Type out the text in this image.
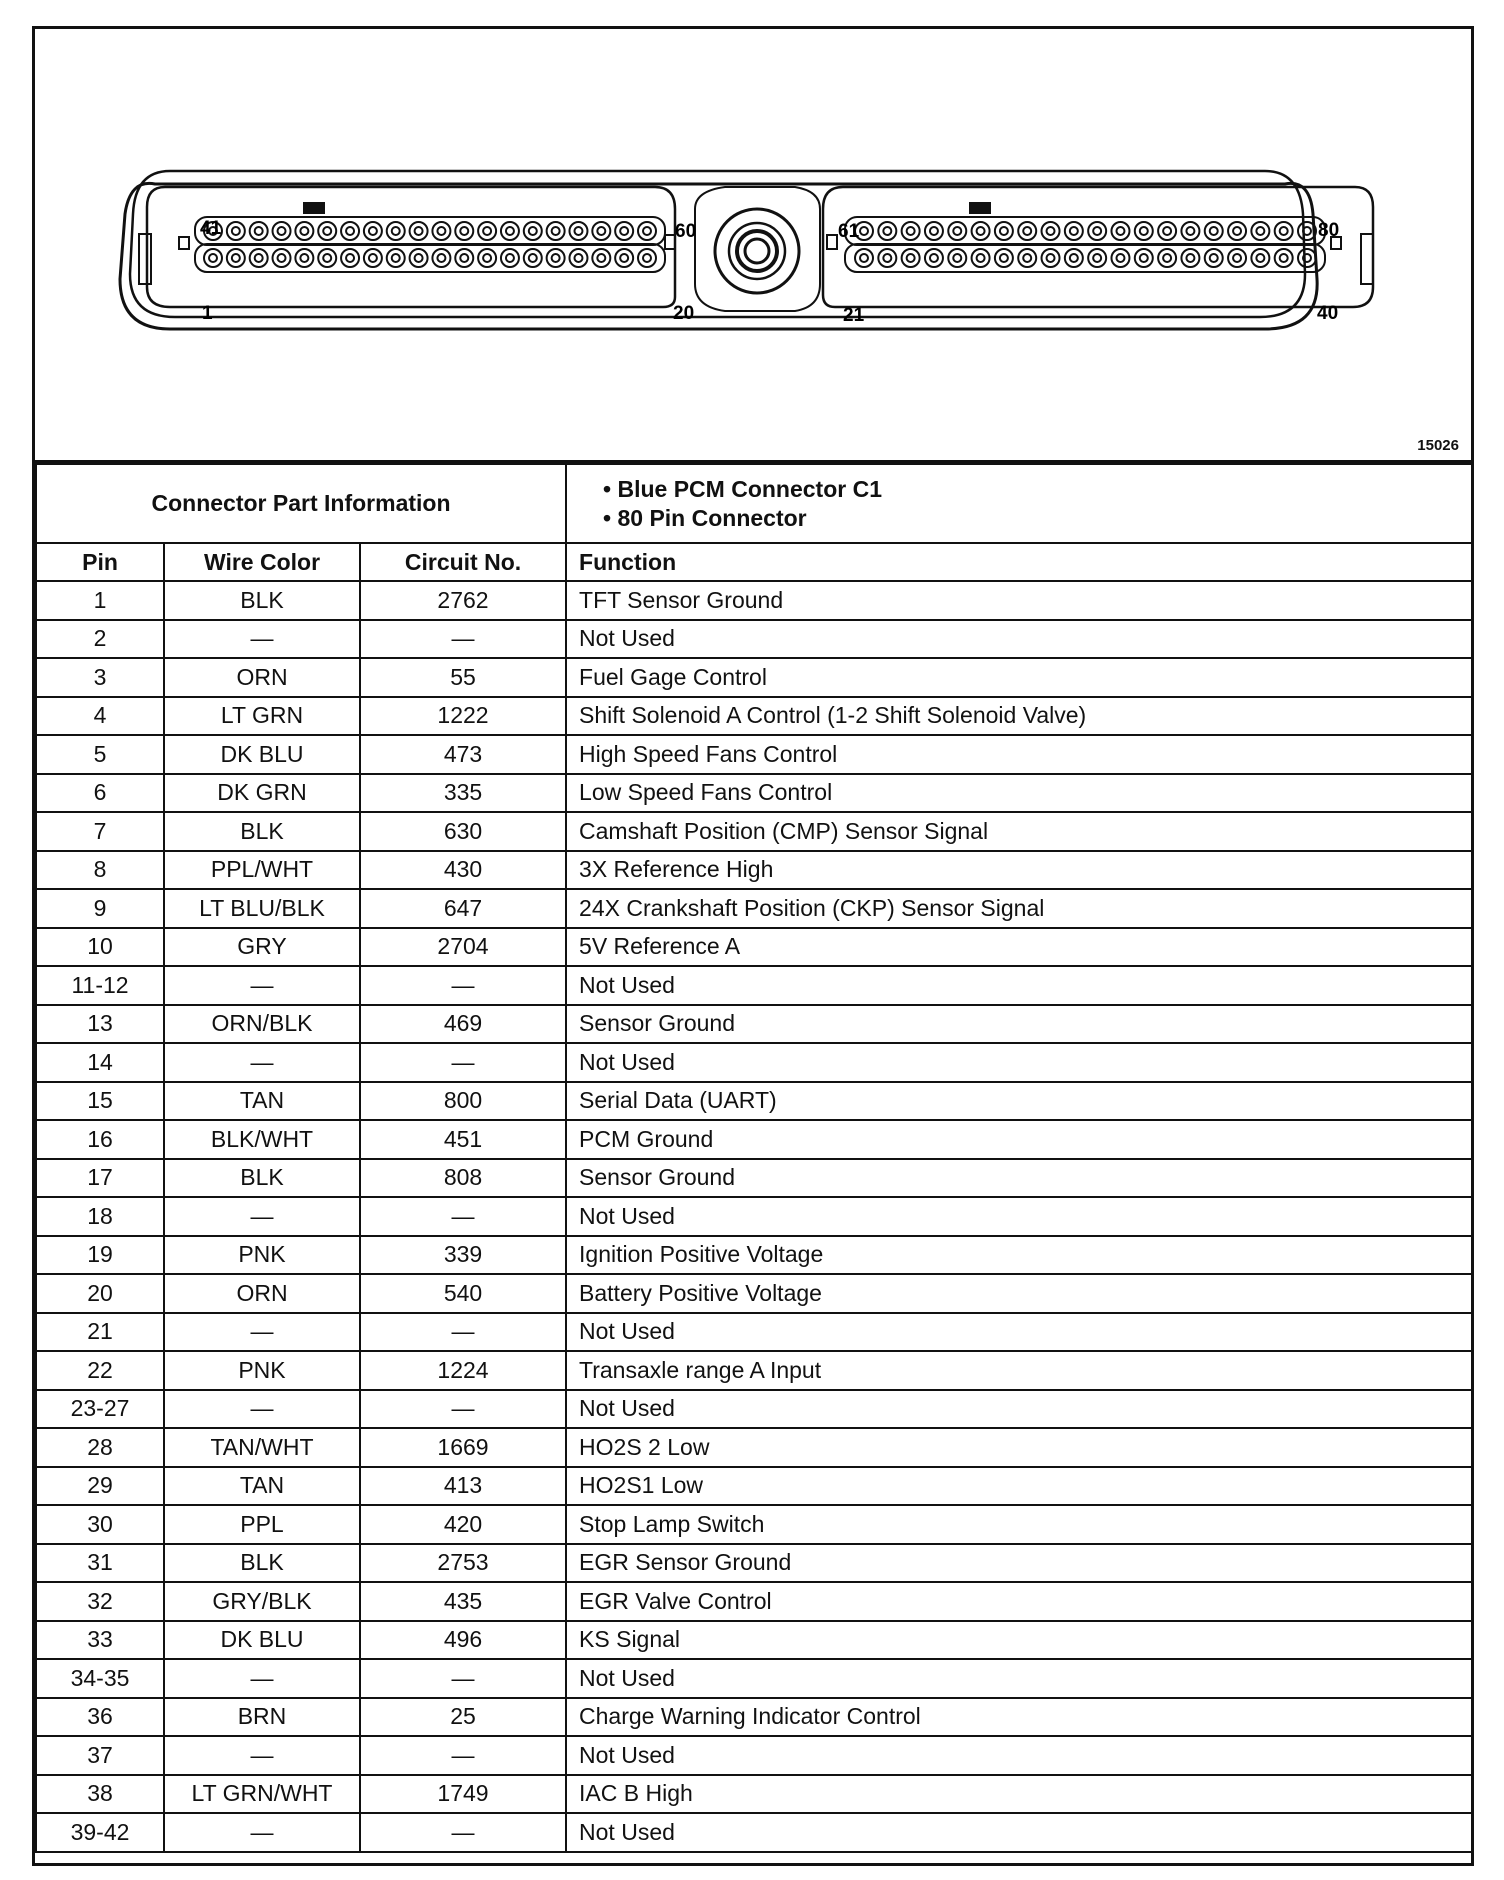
41	60
1	20
61	80
21	40
15026
Connector Part Information			• Blue PCM Connector C1
• 80 Pin Connector

Pin	Wire Color	Circuit No.	Function
1	BLK	2762	TFT Sensor Ground
2	—	—	Not Used
3	ORN	55	Fuel Gage Control
4	LT GRN	1222	Shift Solenoid A Control (1-2 Shift Solenoid Valve)
5	DK BLU	473	High Speed Fans Control
6	DK GRN	335	Low Speed Fans Control
7	BLK	630	Camshaft Position (CMP) Sensor Signal
8	PPL/WHT	430	3X Reference High
9	LT BLU/BLK	647	24X Crankshaft Position (CKP) Sensor Signal
10	GRY	2704	5V Reference A
11-12	—	—	Not Used
13	ORN/BLK	469	Sensor Ground
14	—	—	Not Used
15	TAN	800	Serial Data (UART)
16	BLK/WHT	451	PCM Ground
17	BLK	808	Sensor Ground
18	—	—	Not Used
19	PNK	339	Ignition Positive Voltage
20	ORN	540	Battery Positive Voltage
21	—	—	Not Used
22	PNK	1224	Transaxle range A Input
23-27	—	—	Not Used
28	TAN/WHT	1669	HO2S 2 Low
29	TAN	413	HO2S1 Low
30	PPL	420	Stop Lamp Switch
31	BLK	2753	EGR Sensor Ground
32	GRY/BLK	435	EGR Valve Control
33	DK BLU	496	KS Signal
34-35	—	—	Not Used
36	BRN	25	Charge Warning Indicator Control
37	—	—	Not Used
38	LT GRN/WHT	1749	IAC B High
39-42	—	—	Not Used
